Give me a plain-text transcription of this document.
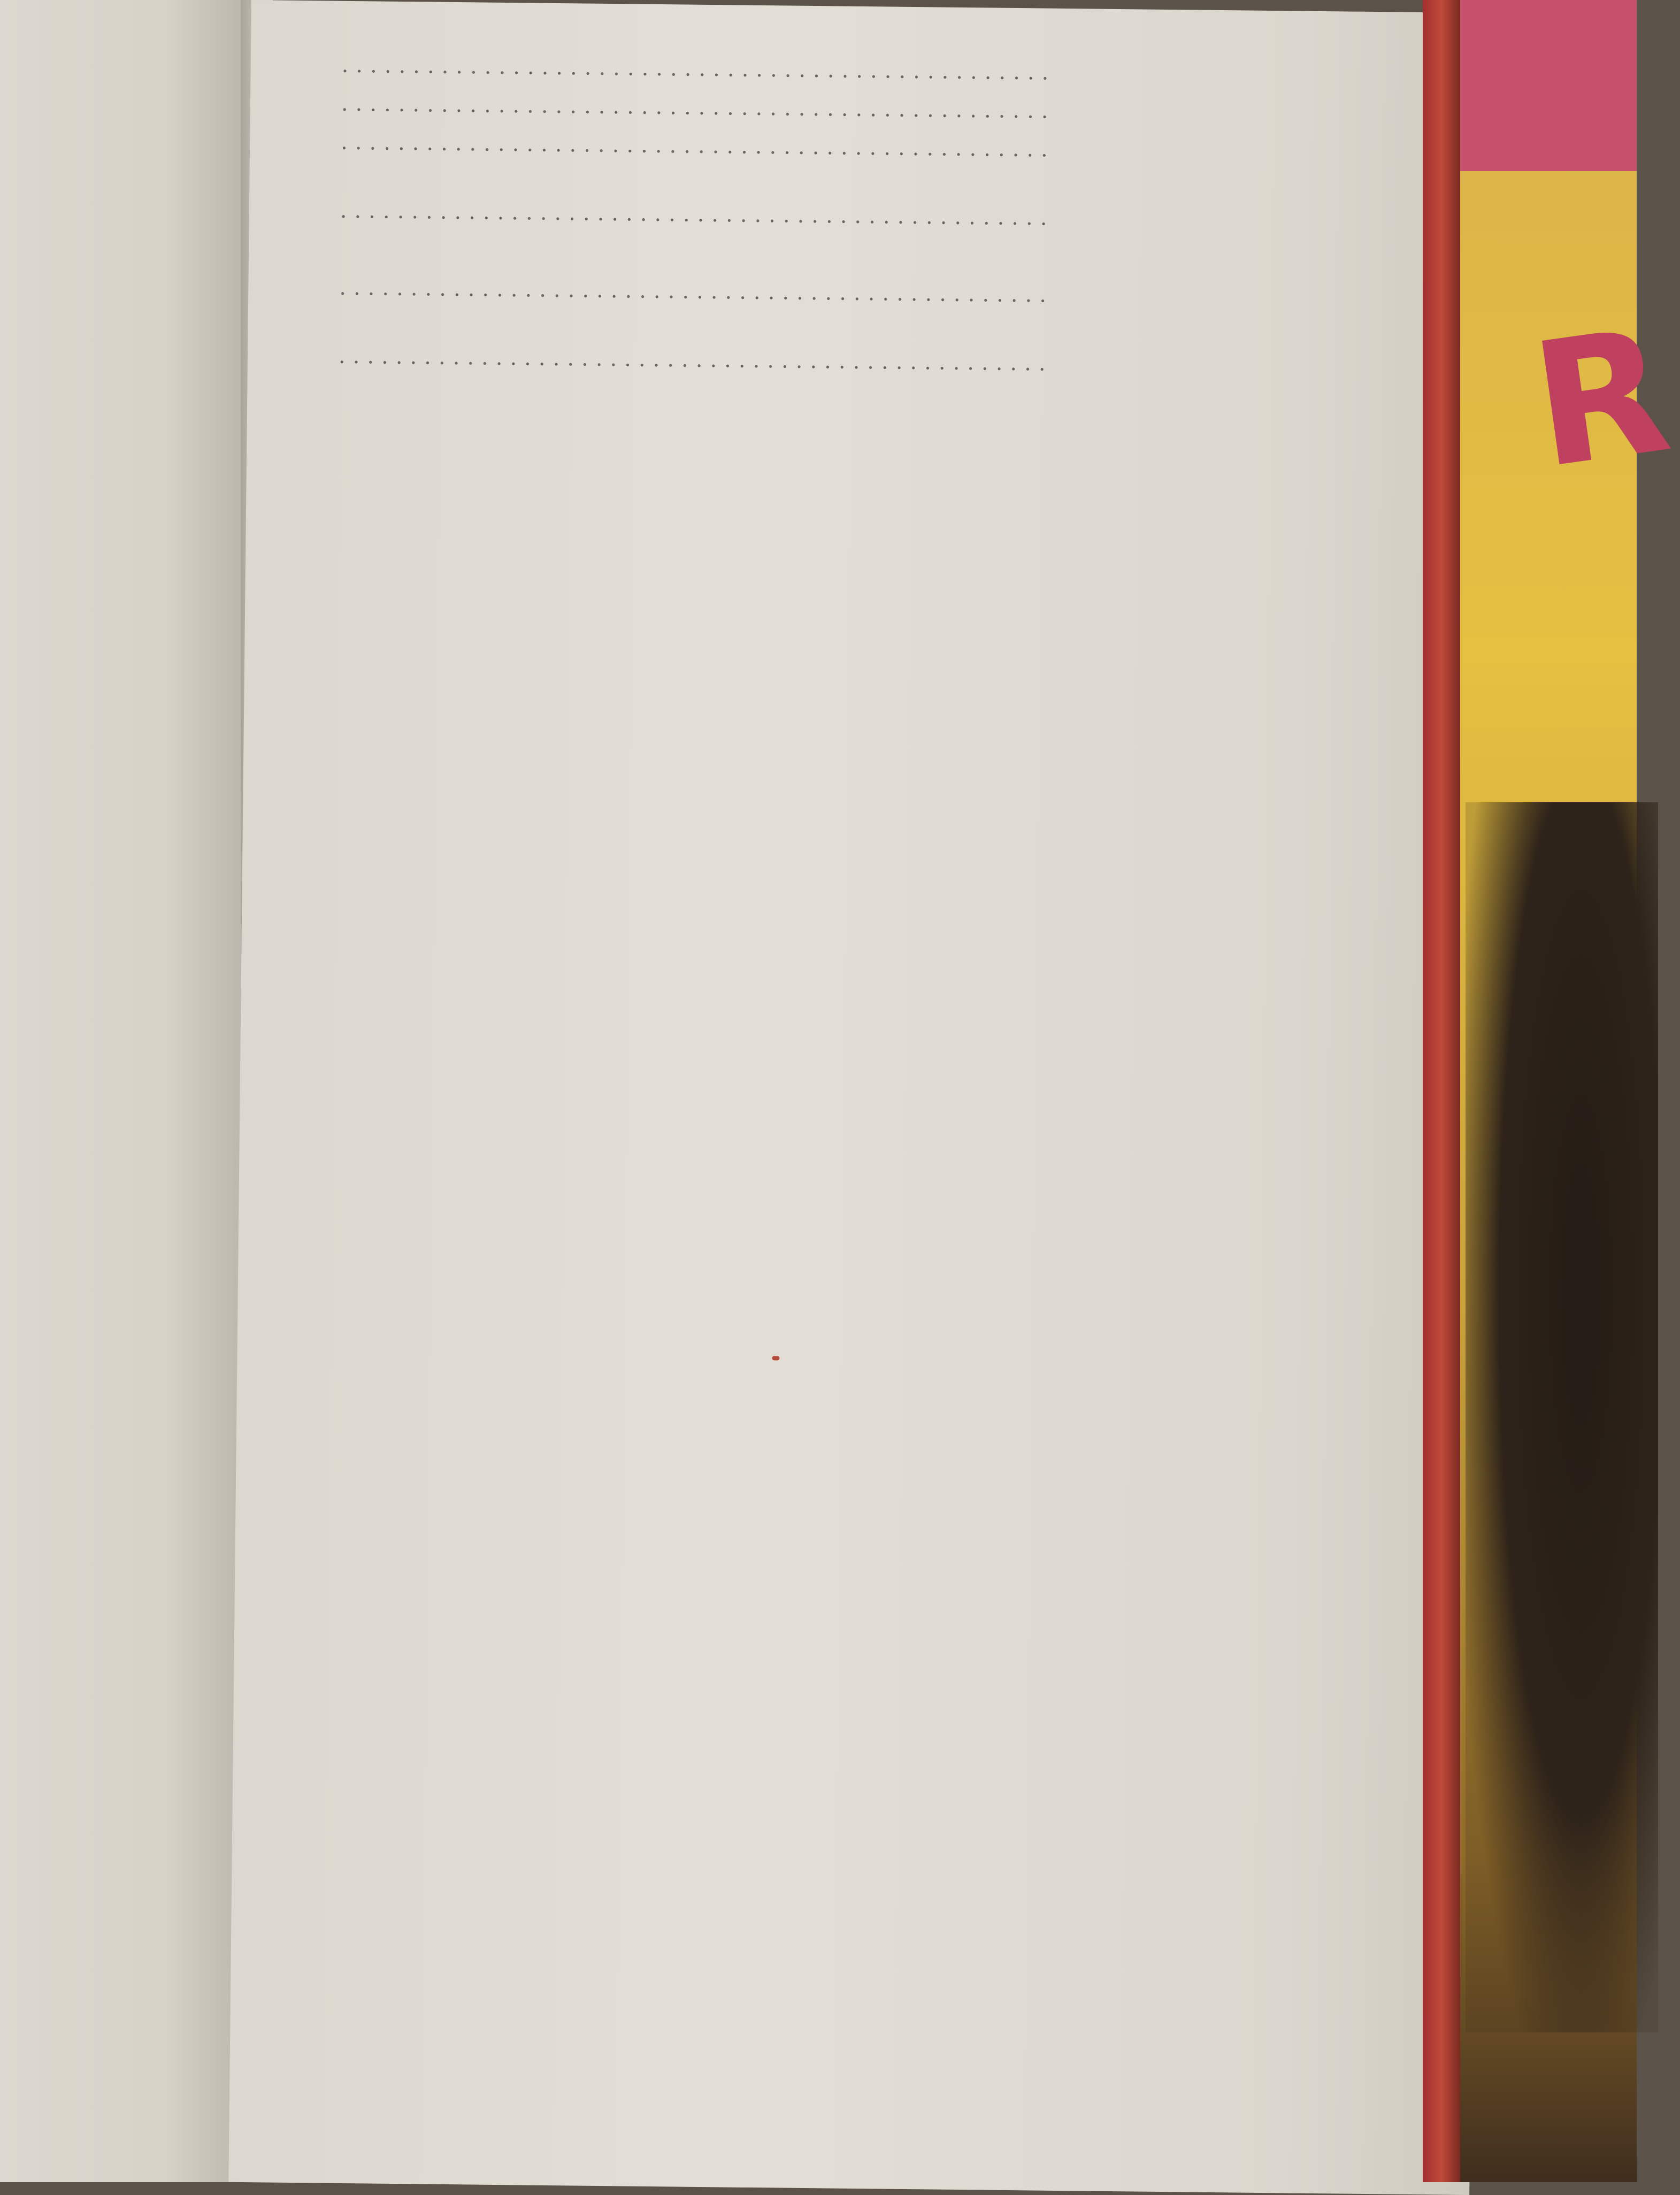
..................................................
..................................................
..................................................
..................................................
..................................................
..................................................	R
